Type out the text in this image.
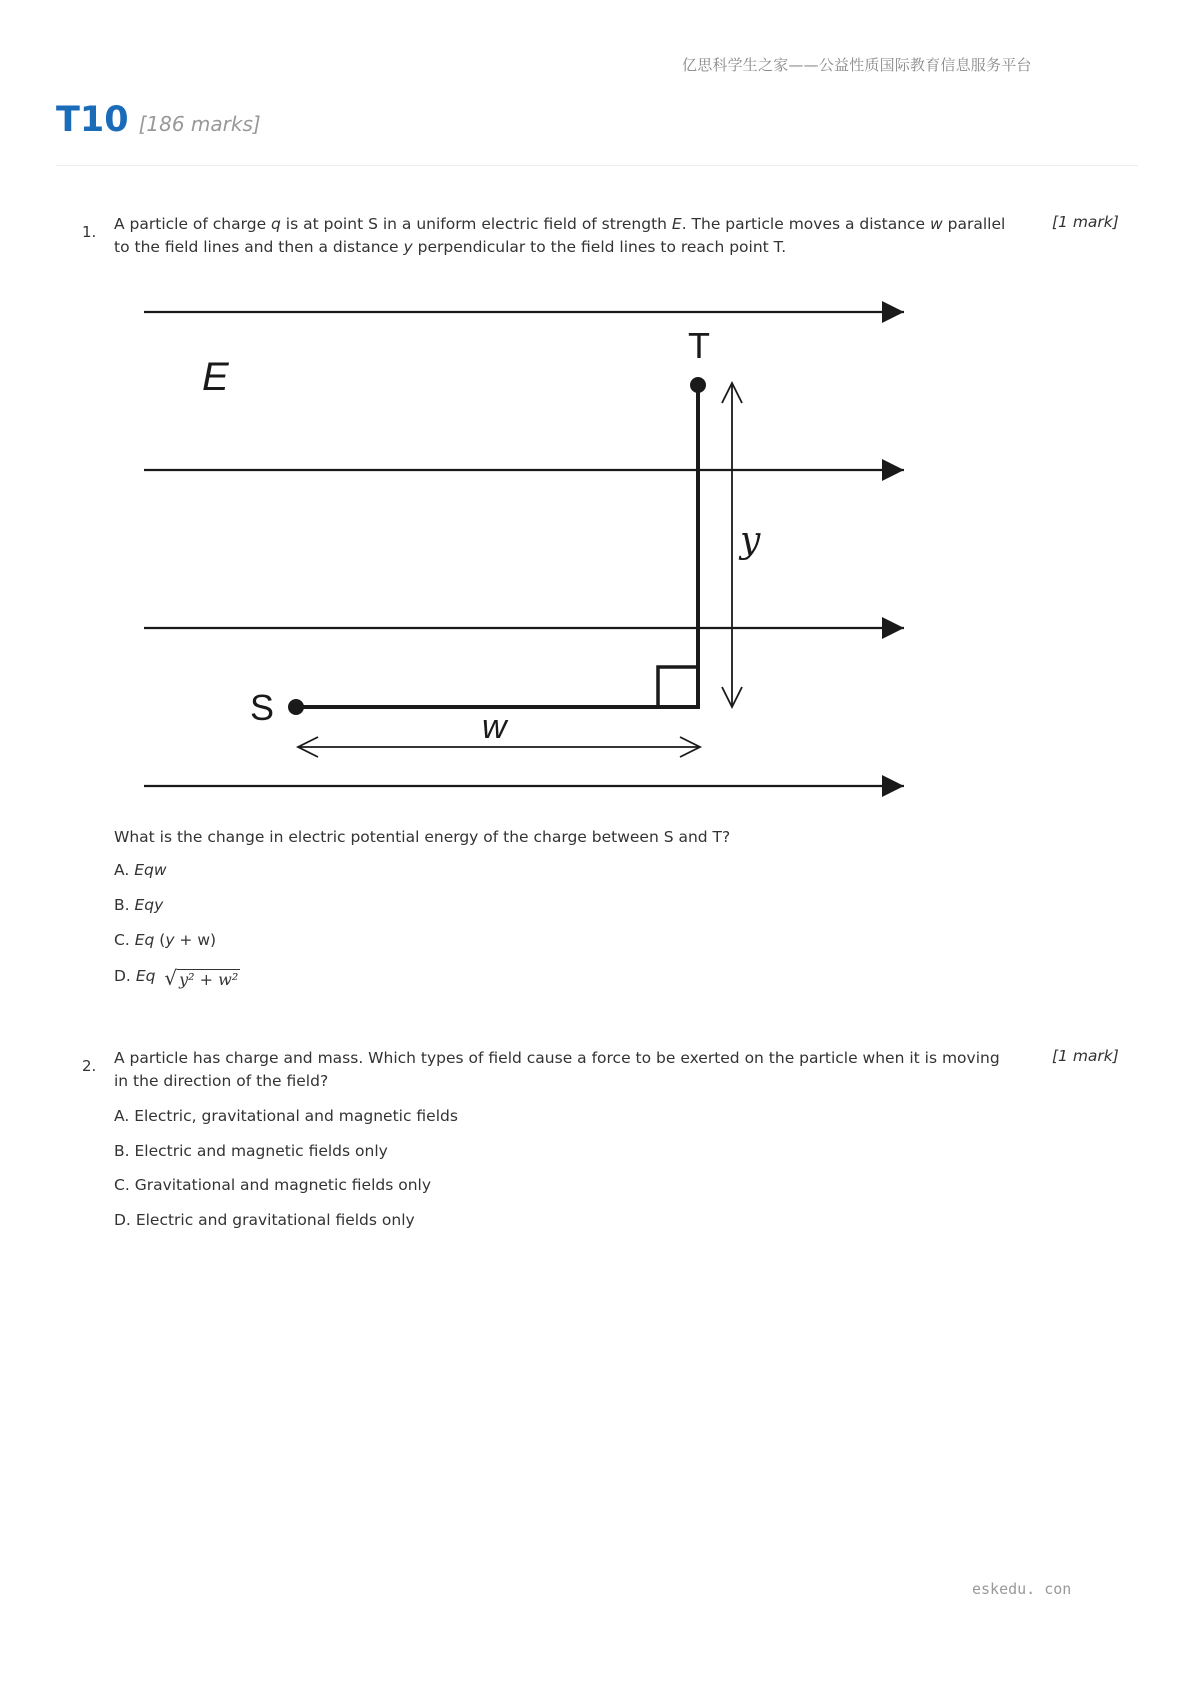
亿思科学生之家——公益性质国际教育信息服务平台
T10 [186 marks]
1. A particle of charge q is at point S in a uniform electric field of strength E. The particle moves a distance w parallel
to the field lines and then a distance y perpendicular to the field lines to reach point T.
[1 mark]
E
S
T
w
y
What is the change in electric potential energy of the charge between S and T?
A. Eqw
B. Eqy
C. Eq (y + w)
D. Eq √ y² + w²
2. A particle has charge and mass. Which types of field cause a force to be exerted on the particle when it is moving
in the direction of the field?
[1 mark]
A. Electric, gravitational and magnetic fields
B. Electric and magnetic fields only
C. Gravitational and magnetic fields only
D. Electric and gravitational fields only
eskedu. con
